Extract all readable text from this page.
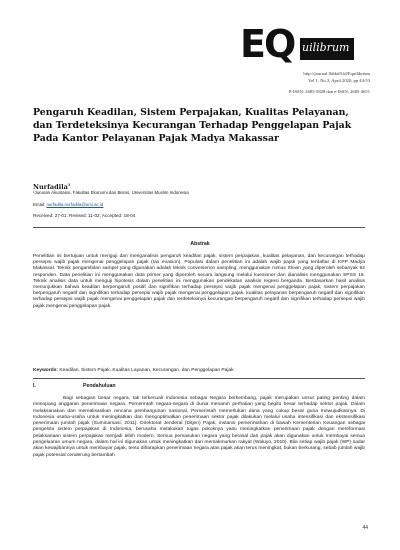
EQ uilibrum
http://journal.lldikti9.id/Equilibrium
Vol 1, No 2, April 2020, pp 44-53
P-ISSN: 2685-5828 dan e-ISSN: 2685-4651
Pengaruh Keadilan, Sistem Perpajakan, Kualitas Pelayanan, dan Terdeteksinya Kecurangan Terhadap Penggelapan Pajak Pada Kantor Pelayanan Pajak Madya Makassar
Nurfadila$^1$
¹Jurusan Akuntansi, Fakultas Ekonomi dan Bisnis, Universitas Muslim Indonesia
Email: nurfadila.nurfadila@umi.ac.id
Received: 27-01; Revised: 11-02; Accepted: 18-04
Abstrak

Penelitian ini bertujuan untuk menguji dan menganalisis pengaruh keadilan pajak, sistem perpajakan, kualitas pelayanan, dan kecurangan terhadap persepsi wajib pajak mengenai penggelapan pajak (tax evasion). Populasi dalam penelitian ini adalah wajib pajak yang terdaftar di KPP Madya Makassar. Teknik pengambilan sampel yang digunakan adalah teknik convenience sampling, menggunakan rumus Slovin yang diperoleh sebanyak 92 responden. Data penelitian ini menggunakan data primer yang diperoleh secara langsung melalui kuesioner dan dianalisis menggunakan SPSS 16. Teknik analisis data untuk menguji hipotesis dalam penelitian ini menggunakan pendekatan analisis regresi berganda. Berdasarkan hasil analisis menunjukkan bahwa keadilan berpengaruh positif dan signifikan terhadap persepsi wajib pajak mengenai penggelapan pajak, sistem perpajakan berpengaruh negatif dan signifikan terhadap persepsi wajib pajak mengenai penggelapan pajak, kualitas pelayanan berpengaruh negatif dan signifikan terhadap persepsi wajib pajak mengenai penggelapan pajak dan terdeteksinya kecurangan berpengaruh negatif dan signifikan terhadap persepsi wajib pajak mengenai penggelapan pajak.

Keywords: Keadilan, Sistem Pajak, Kualitas Layanan, Kecurangan, dan Penggelapan Pajak
I.	Pendahuluan

Bagi sebagian besar negara, tak terkecuali Indonesia sebagai Negara berkembang, pajak merupakan unsur paling penting dalam menopang anggaran penerimaan negara. Pemerintah negara-negara di dunia menaruh perhatian yang begitu besar terhadap sektor pajak. Dalam melaksanakan dan merealisasikan rencana pembangunan nasional, Pemerintah memerlukan dana yang cukup besar guna mewujudkannya. Di Indonesia usaha-usaha untuk meningkatkan dan mengoptimalkan penerimaan sektor pajak dilakukan melalui usaha intensifikasi dan ekstensifikasi penerimaan jumlah pajak (Suminarsasi, 2011). Direktorat Jenderal (Ditjen) Pajak, instansi pemerintahan di bawah Kementerian Keuangan sebagai pengelola sistem perpajakan di Indonesia, berusaha melakukan tugas pokoknya yaitu meningkatkan penerimaan pajak dengan mereformasi pelaksanaan sistem perpajakan menjadi lebih modern. Semua pemasukan negara yang berasal dari pajak akan digunakan untuk membayai semua pengeluaran umum negara, dalam hal ini digunakan untuk meningkatkan dan memakmurkan rakyat (Waluyo, 2010). Bila setiap wajib pajak (WP) sadar akan kewajibannya untuk membayar pajak, tentu diharapkan penerimaan negara atas pajak akan terus meningkat, bukan berkurang, sebab jumlah wajib pajak potensial cenderung bertambah

44
